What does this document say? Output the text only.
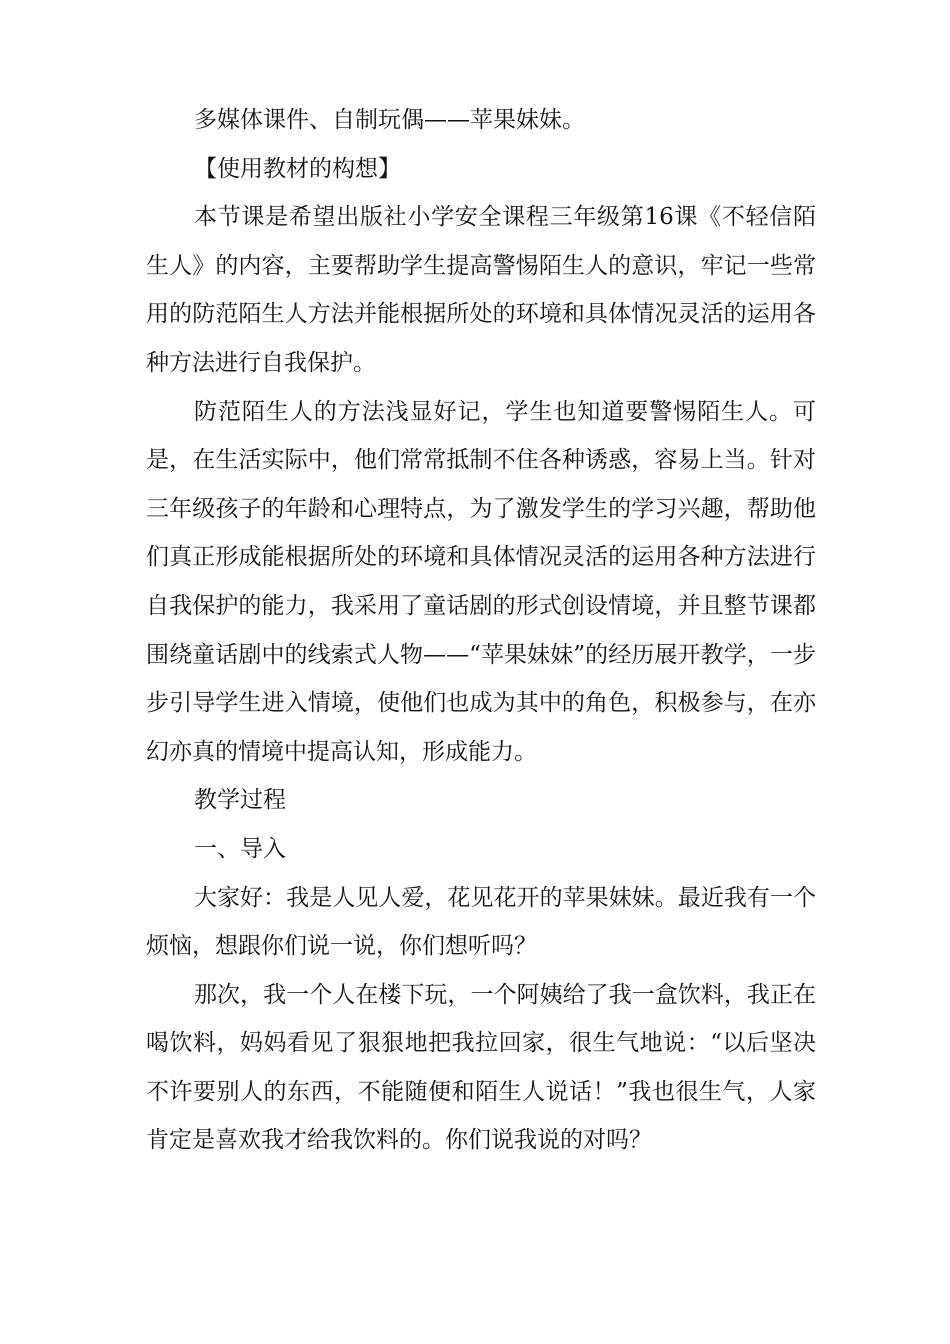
多媒体课件、自制玩偶——苹果妹妹。

【使用教材的构想】

本节课是希望出版社小学安全课程三年级第16课《不轻信陌生人》的内容，主要帮助学生提高警惕陌生人的意识，牢记一些常用的防范陌生人方法并能根据所处的环境和具体情况灵活的运用各种方法进行自我保护。

防范陌生人的方法浅显好记，学生也知道要警惕陌生人。可是，在生活实际中，他们常常抵制不住各种诱惑，容易上当。针对三年级孩子的年龄和心理特点，为了激发学生的学习兴趣，帮助他们真正形成能根据所处的环境和具体情况灵活的运用各种方法进行自我保护的能力，我采用了童话剧的形式创设情境，并且整节课都围绕童话剧中的线索式人物——“苹果妹妹”的经历展开教学，一步步引导学生进入情境，使他们也成为其中的角色，积极参与，在亦幻亦真的情境中提高认知，形成能力。

教学过程

一、导入

大家好：我是人见人爱，花见花开的苹果妹妹。最近我有一个烦恼，想跟你们说一说，你们想听吗？

那次，我一个人在楼下玩，一个阿姨给了我一盒饮料，我正在喝饮料，妈妈看见了狠狠地把我拉回家，很生气地说：“以后坚决不许要别人的东西，不能随便和陌生人说话！”我也很生气，人家肯定是喜欢我才给我饮料的。你们说我说的对吗？
